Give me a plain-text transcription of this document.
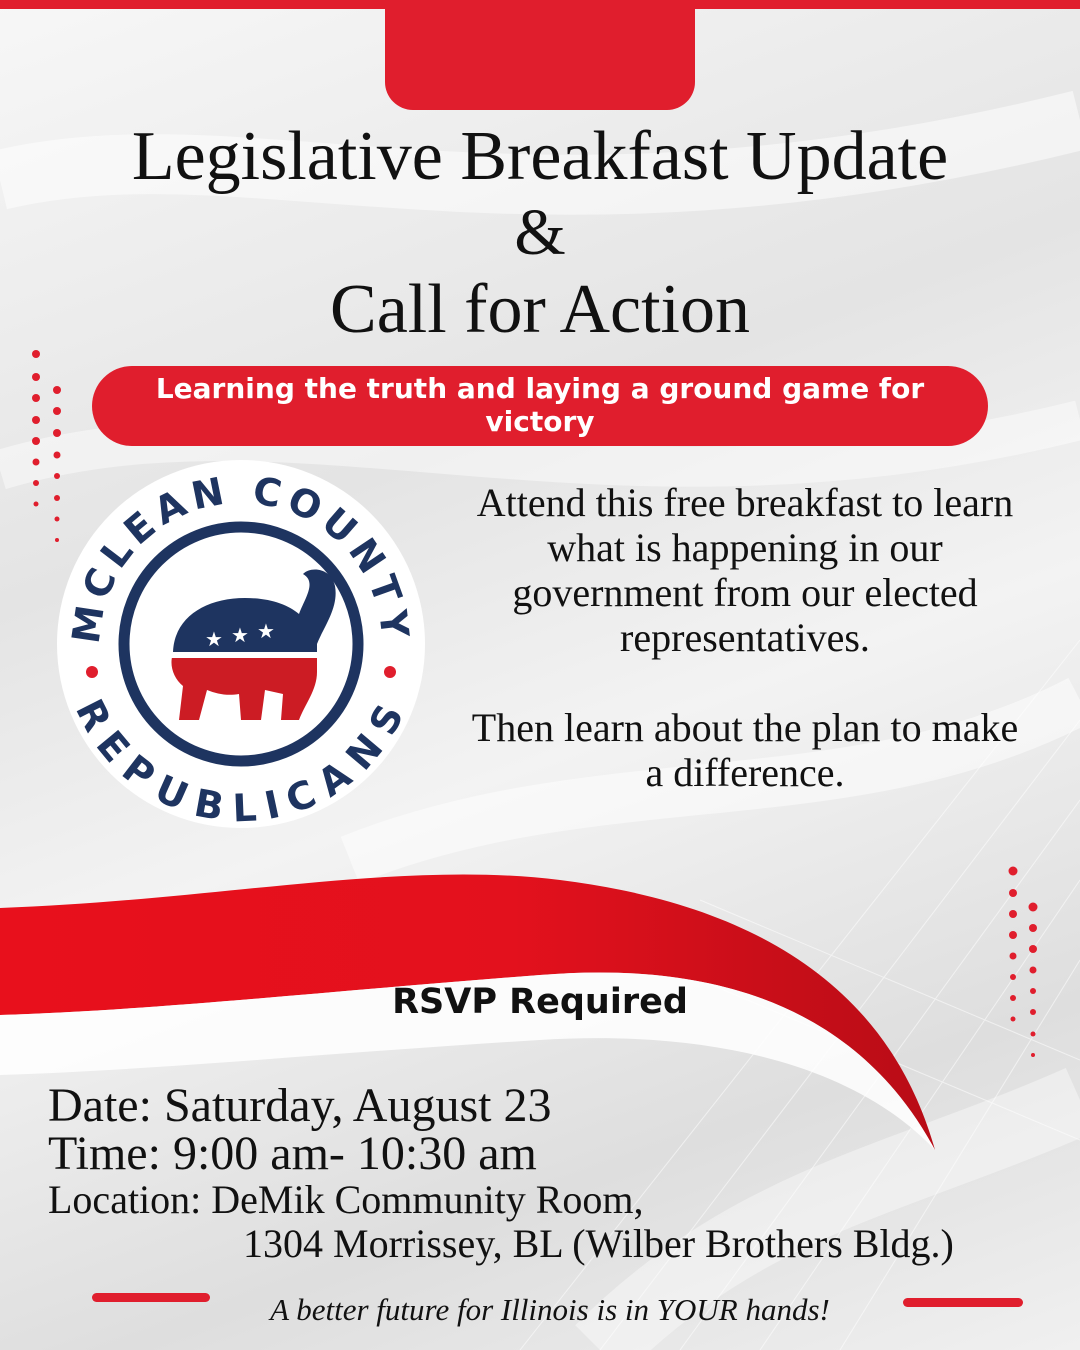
Legislative Breakfast Update
&
Call for Action
Learning the truth and laying a ground game for victory
MCLEAN COUNTY
REPUBLICANS
★ ★ ★
Attend this free breakfast to learn what is happening in our government from our elected representatives.
Then learn about the plan to make a difference.
RSVP Required
Date: Saturday, August 23
Time: 9:00 am- 10:30 am
Location: DeMik Community Room,
1304 Morrissey, BL (Wilber Brothers Bldg.)
A better future for Illinois is in YOUR hands!
